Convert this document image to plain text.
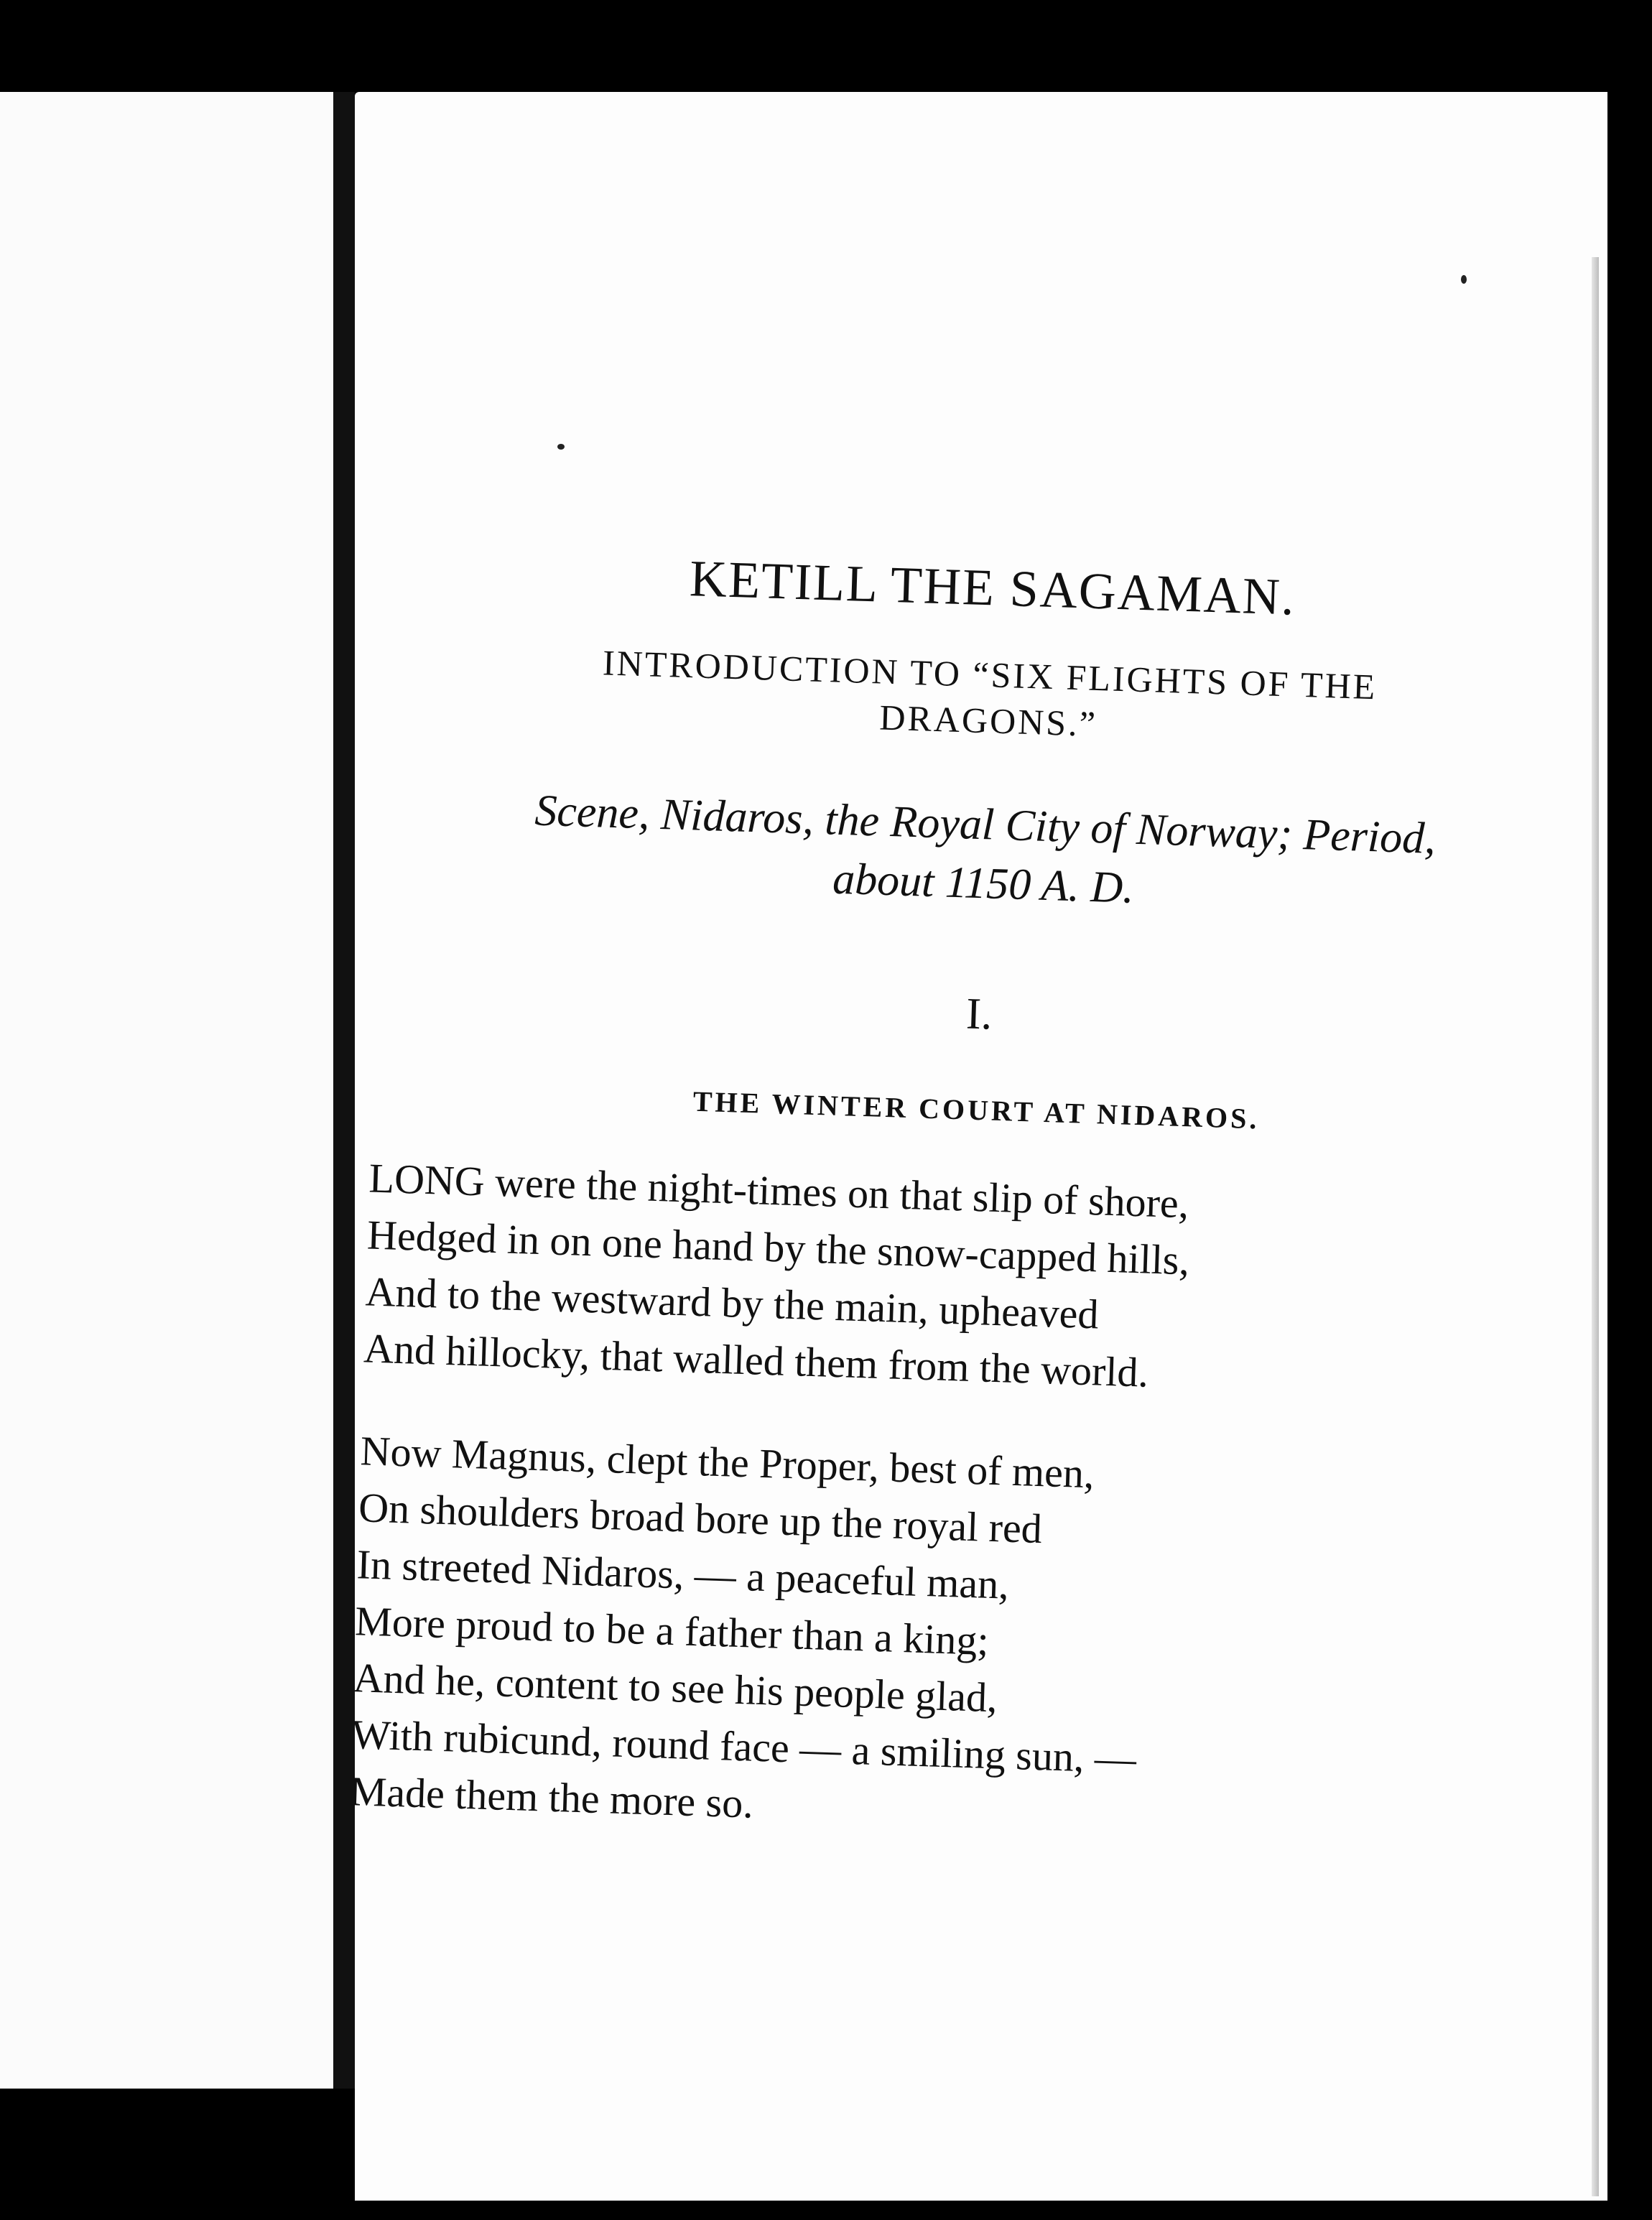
KETILL THE SAGAMAN.
INTRODUCTION TO “SIX FLIGHTS OF THE
DRAGONS.”

Scene, Nidaros, the Royal City of Norway; Period,
about 1150 A. D.

I.

THE WINTER COURT AT NIDAROS.

LONG were the night-times on that slip of shore,
Hedged in on one hand by the snow-capped hills,
And to the westward by the main, upheaved
And hillocky, that walled them from the world.

Now Magnus, clept the Proper, best of men,
On shoulders broad bore up the royal red
In streeted Nidaros, — a peaceful man,
More proud to be a father than a king;
And he, content to see his people glad,
With rubicund, round face — a smiling sun, —
Made them the more so.
